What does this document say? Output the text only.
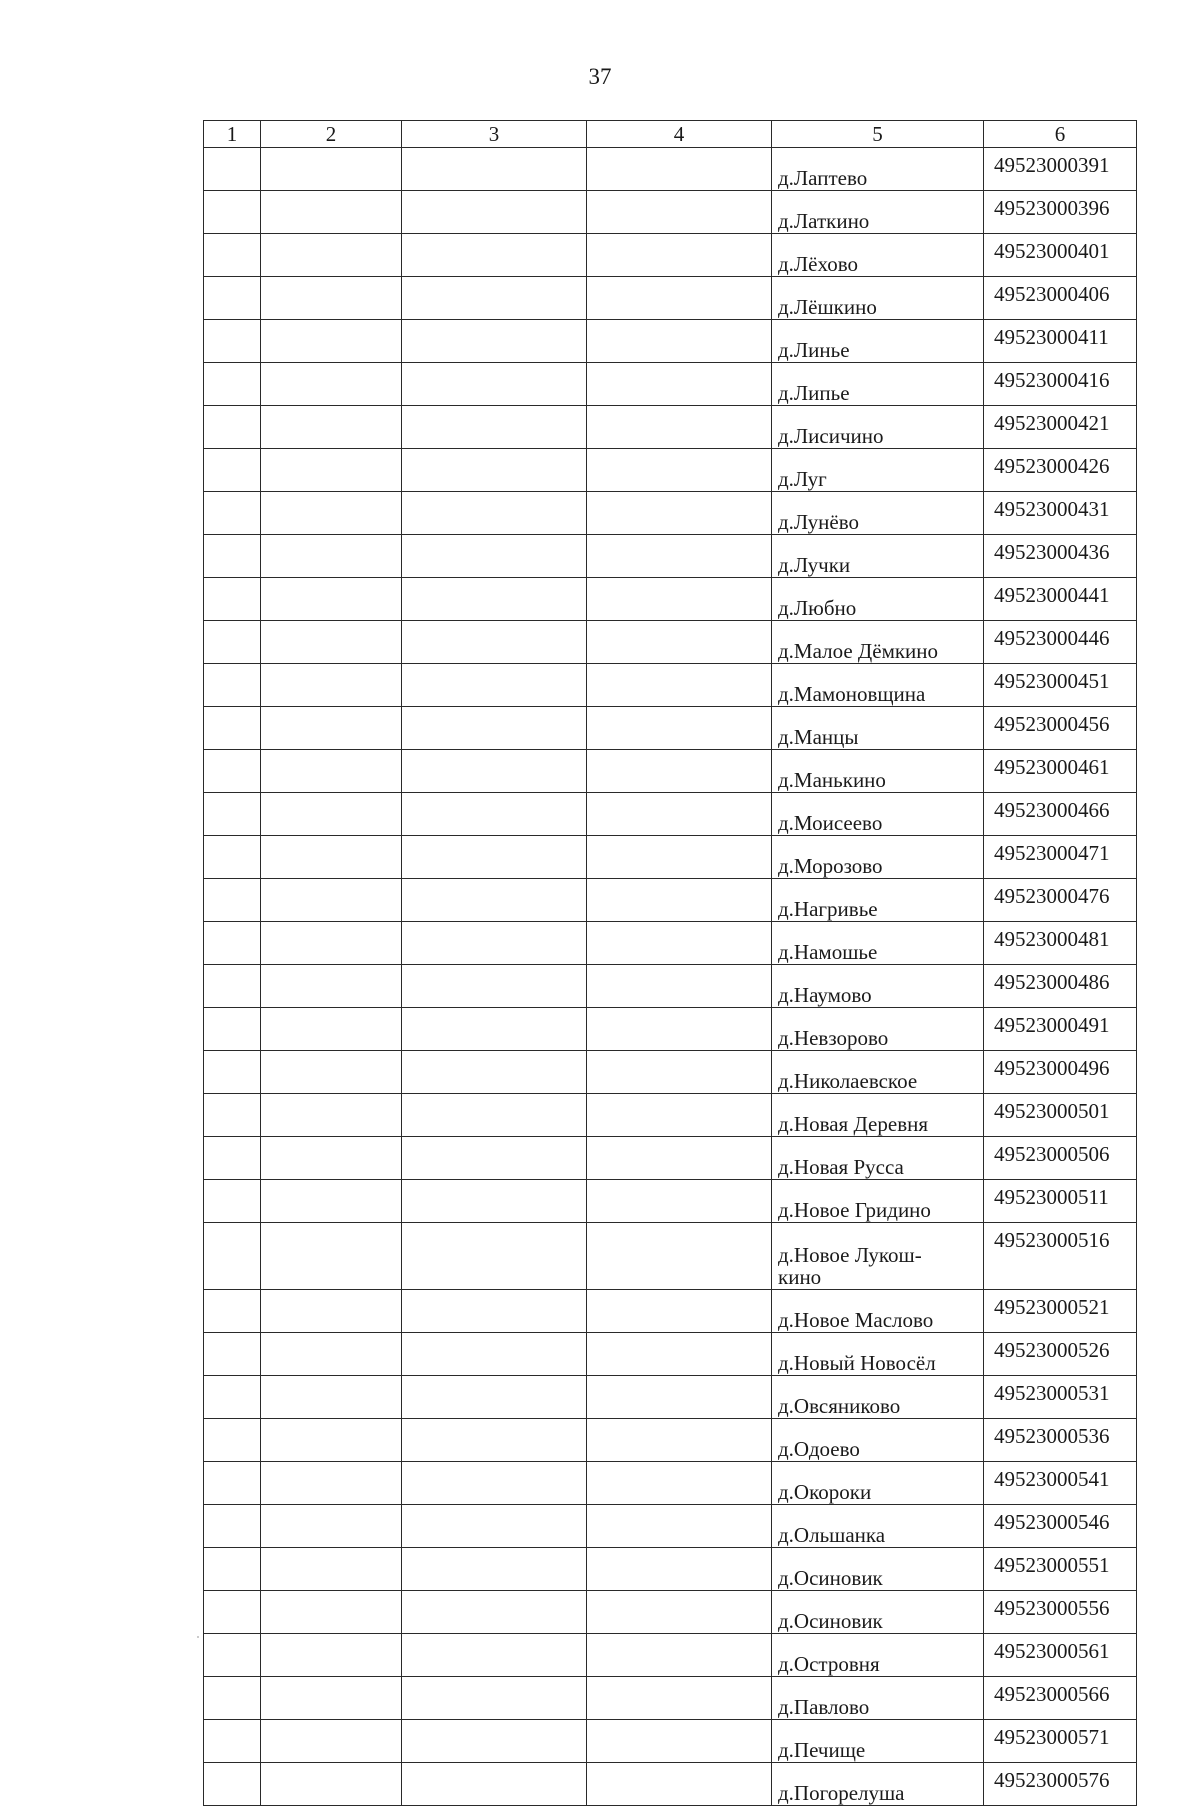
37
1	2	3	4	5	6

				д.Лаптево	49523000391

				д.Латкино	49523000396

				д.Лёхово	49523000401

				д.Лёшкино	49523000406

				д.Линье	49523000411

				д.Липье	49523000416

				д.Лисичино	49523000421

				д.Луг	49523000426

				д.Лунёво	49523000431

				д.Лучки	49523000436

				д.Любно	49523000441

				д.Малое Дёмкино	49523000446

				д.Мамоновщина	49523000451

				д.Манцы	49523000456

				д.Манькино	49523000461

				д.Моисеево	49523000466

				д.Морозово	49523000471

				д.Нагривье	49523000476

				д.Намошье	49523000481

				д.Наумово	49523000486

				д.Невзорово	49523000491

				д.Николаевское	49523000496

				д.Новая Деревня	49523000501

				д.Новая Русса	49523000506

				д.Новое Гридино	49523000511

				д.Новое Лукош-
кино	49523000516

				д.Новое Маслово	49523000521

				д.Новый Новосёл	49523000526

				д.Овсяниково	49523000531

				д.Одоево	49523000536

				д.Окороки	49523000541

				д.Ольшанка	49523000546

				д.Осиновик	49523000551

				д.Осиновик	49523000556

				д.Островня	49523000561

				д.Павлово	49523000566

				д.Печище	49523000571

				д.Погорелуша	49523000576
